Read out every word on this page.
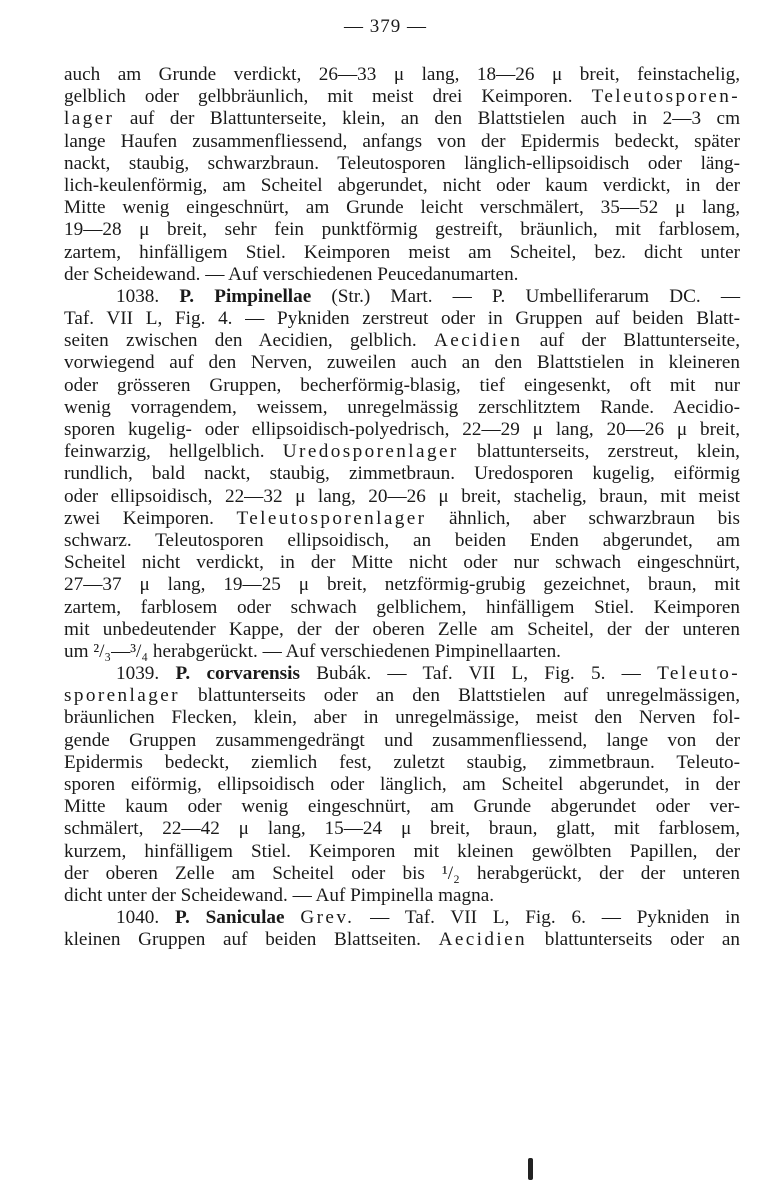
— 379 —
auch am Grunde verdickt, 26—33 μ lang, 18—26 μ breit, feinstachelig,
gelblich oder gelbbräunlich, mit meist drei Keimporen. Teleutosporen-
lager auf der Blattunterseite, klein, an den Blattstielen auch in 2—3 cm
lange Haufen zusammenfliessend, anfangs von der Epidermis bedeckt, später
nackt, staubig, schwarzbraun. Teleutosporen länglich-ellipsoidisch oder läng-
lich-keulenförmig, am Scheitel abgerundet, nicht oder kaum verdickt, in der
Mitte wenig eingeschnürt, am Grunde leicht verschmälert, 35—52 μ lang,
19—28 μ breit, sehr fein punktförmig gestreift, bräunlich, mit farblosem,
zartem, hinfälligem Stiel. Keimporen meist am Scheitel, bez. dicht unter
der Scheidewand. — Auf verschiedenen Peucedanumarten.
1038. P. Pimpinellae (Str.) Mart. — P. Umbelliferarum DC. —
Taf. VII L, Fig. 4. — Pykniden zerstreut oder in Gruppen auf beiden Blatt-
seiten zwischen den Aecidien, gelblich. Aecidien auf der Blattunterseite,
vorwiegend auf den Nerven, zuweilen auch an den Blattstielen in kleineren
oder grösseren Gruppen, becherförmig-blasig, tief eingesenkt, oft mit nur
wenig vorragendem, weissem, unregelmässig zerschlitztem Rande. Aecidio-
sporen kugelig- oder ellipsoidisch-polyedrisch, 22—29 μ lang, 20—26 μ breit,
feinwarzig, hellgelblich. Uredosporenlager blattunterseits, zerstreut, klein,
rundlich, bald nackt, staubig, zimmetbraun. Uredosporen kugelig, eiförmig
oder ellipsoidisch, 22—32 μ lang, 20—26 μ breit, stachelig, braun, mit meist
zwei Keimporen. Teleutosporenlager ähnlich, aber schwarzbraun bis
schwarz. Teleutosporen ellipsoidisch, an beiden Enden abgerundet, am
Scheitel nicht verdickt, in der Mitte nicht oder nur schwach eingeschnürt,
27—37 μ lang, 19—25 μ breit, netzförmig-grubig gezeichnet, braun, mit
zartem, farblosem oder schwach gelblichem, hinfälligem Stiel. Keimporen
mit unbedeutender Kappe, der der oberen Zelle am Scheitel, der der unteren
um ²/₃—³/₄ herabgerückt. — Auf verschiedenen Pimpinellaarten.
1039. P. corvarensis Bubák. — Taf. VII L, Fig. 5. — Teleuto-
sporenlager blattunterseits oder an den Blattstielen auf unregelmässigen,
bräunlichen Flecken, klein, aber in unregelmässige, meist den Nerven fol-
gende Gruppen zusammengedrängt und zusammenfliessend, lange von der
Epidermis bedeckt, ziemlich fest, zuletzt staubig, zimmetbraun. Teleuto-
sporen eiförmig, ellipsoidisch oder länglich, am Scheitel abgerundet, in der
Mitte kaum oder wenig eingeschnürt, am Grunde abgerundet oder ver-
schmälert, 22—42 μ lang, 15—24 μ breit, braun, glatt, mit farblosem,
kurzem, hinfälligem Stiel. Keimporen mit kleinen gewölbten Papillen, der
der oberen Zelle am Scheitel oder bis ¹/₂ herabgerückt, der der unteren
dicht unter der Scheidewand. — Auf Pimpinella magna.
1040. P. Saniculae Grev. — Taf. VII L, Fig. 6. — Pykniden in
kleinen Gruppen auf beiden Blattseiten. Aecidien blattunterseits oder an
